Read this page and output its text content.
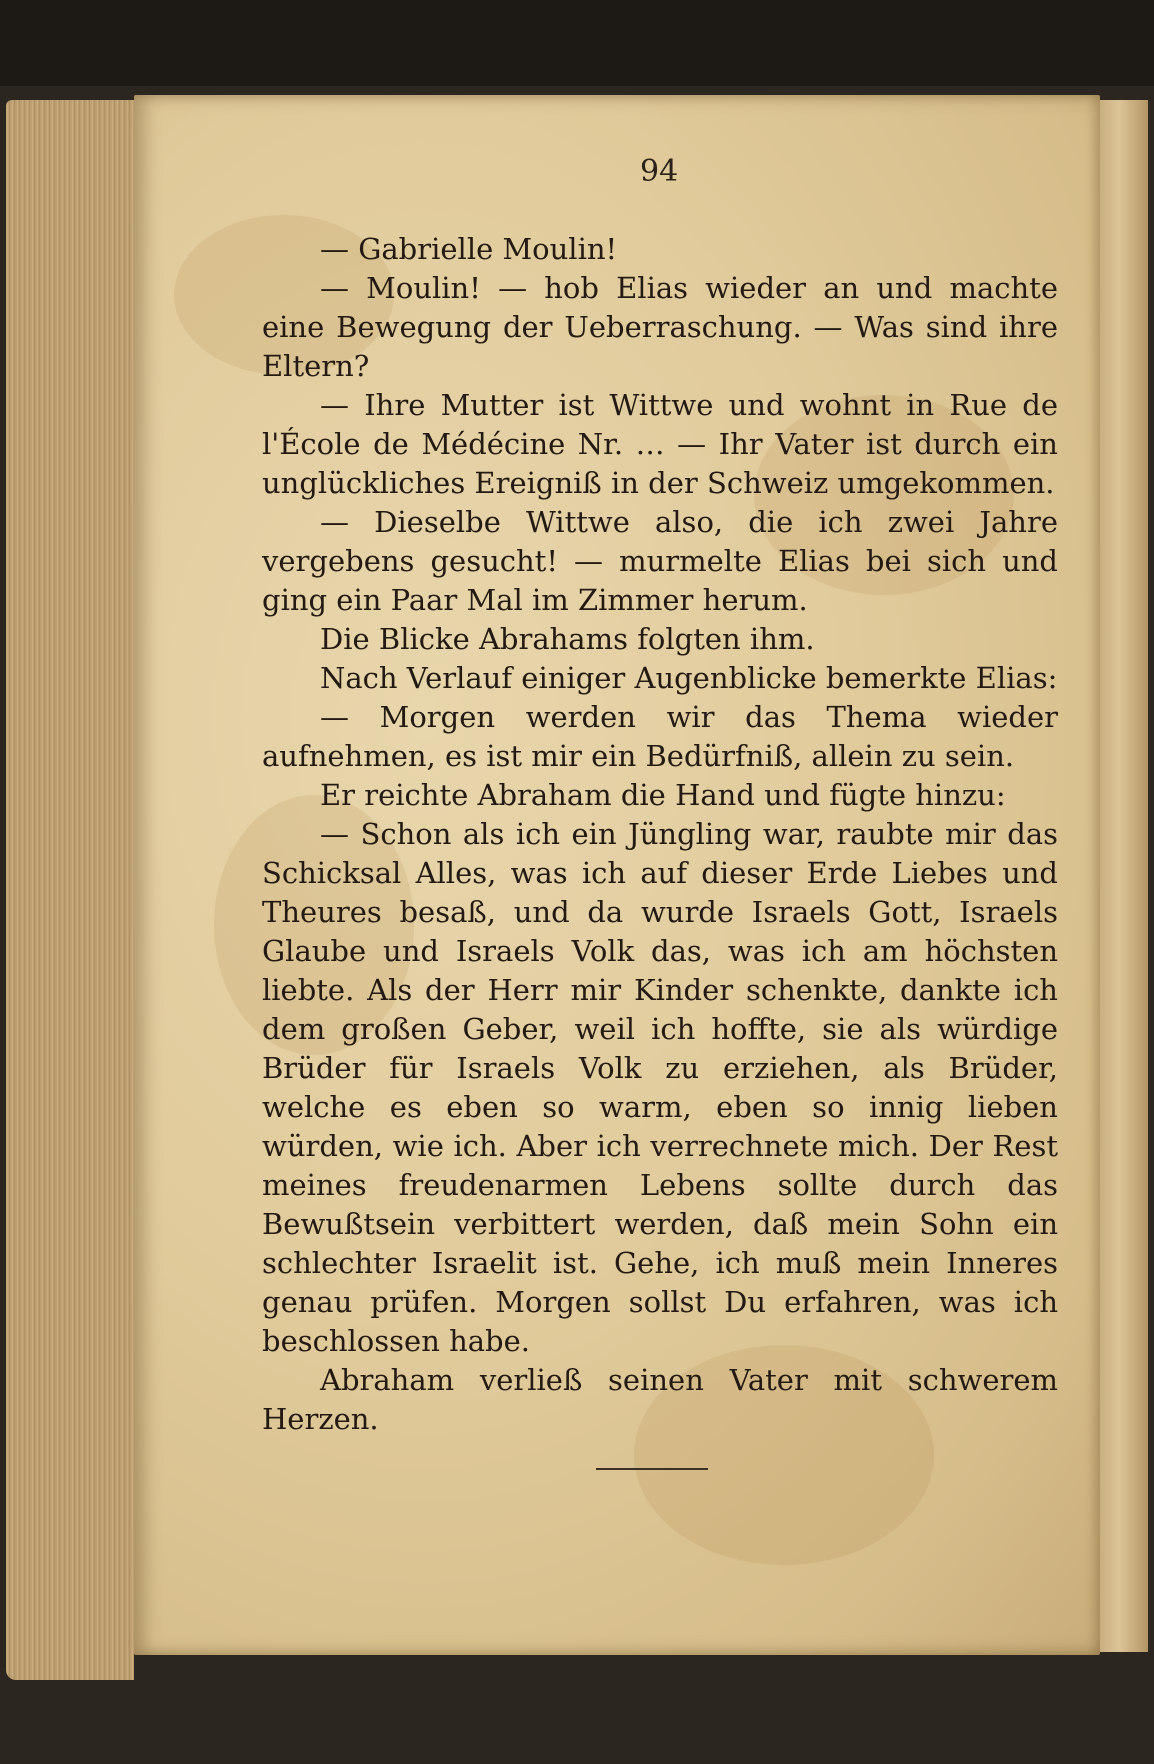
94

— Gabrielle Moulin!

— Moulin! — hob Elias wieder an und machte eine Bewegung der Ueberraschung. — Was sind ihre Eltern?

— Ihre Mutter ist Wittwe und wohnt in Rue de l'École de Médécine Nr. … — Ihr Vater ist durch ein unglückliches Ereigniß in der Schweiz umgekommen.

— Dieselbe Wittwe also, die ich zwei Jahre vergebens gesucht! — murmelte Elias bei sich und ging ein Paar Mal im Zimmer herum.

Die Blicke Abrahams folgten ihm.

Nach Verlauf einiger Augenblicke bemerkte Elias:

— Morgen werden wir das Thema wieder aufnehmen, es ist mir ein Bedürfniß, allein zu sein.

Er reichte Abraham die Hand und fügte hinzu:

— Schon als ich ein Jüngling war, raubte mir das Schicksal Alles, was ich auf dieser Erde Liebes und Theures besaß, und da wurde Israels Gott, Israels Glaube und Israels Volk das, was ich am höchsten liebte. Als der Herr mir Kinder schenkte, dankte ich dem großen Geber, weil ich hoffte, sie als würdige Brüder für Israels Volk zu erziehen, als Brüder, welche es eben so warm, eben so innig lieben würden, wie ich. Aber ich verrechnete mich. Der Rest meines freudenarmen Lebens sollte durch das Bewußtsein verbittert werden, daß mein Sohn ein schlechter Israelit ist. Gehe, ich muß mein Inneres genau prüfen. Morgen sollst Du erfahren, was ich beschlossen habe.

Abraham verließ seinen Vater mit schwerem Herzen.
